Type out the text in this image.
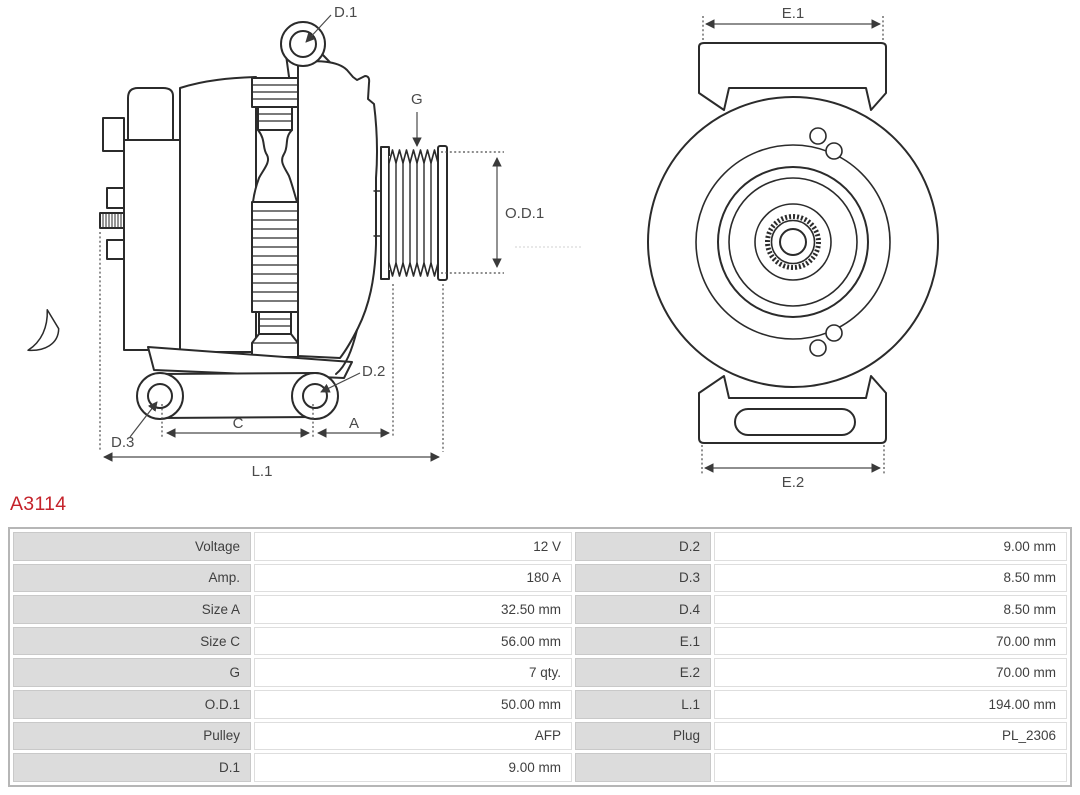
D.1
G
O.D.1
D.2
D.3
C	A
L.1
E.1
E.2
A3114
Voltage	12 V	D.2	9.00 mm
Amp.	180 A	D.3	8.50 mm
Size A	32.50 mm	D.4	8.50 mm
Size C	56.00 mm	E.1	70.00 mm
G	7 qty.	E.2	70.00 mm
O.D.1	50.00 mm	L.1	194.00 mm
Pulley	AFP	Plug	PL_2306
D.1	9.00 mm
